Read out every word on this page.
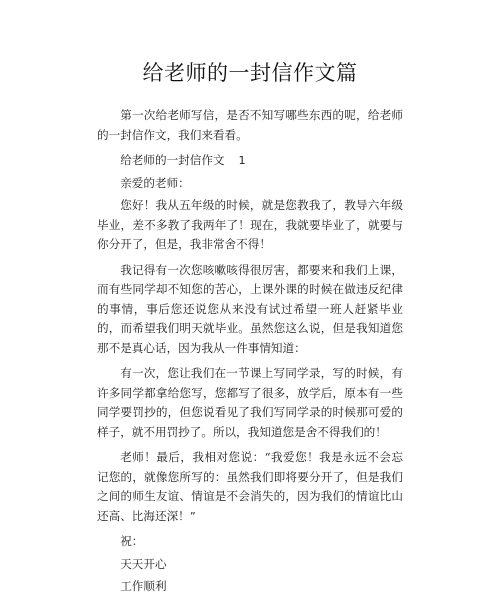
给老师的一封信作文篇

第一次给老师写信，是否不知写哪些东西的呢，给老师的一封信作文，我们来看看。

给老师的一封信作文 1

亲爱的老师：

您好！我从五年级的时候，就是您教我了，教导六年级毕业，差不多教了我两年了！现在，我就要毕业了，就要与你分开了，但是，我非常舍不得！

我记得有一次您咳嗽咳得很厉害，都要来和我们上课，而有些同学却不知您的苦心，上课外课的时候在做违反纪律的事情，事后您还说您从来没有试过希望一班人赶紧毕业的，而希望我们明天就毕业。虽然您这么说，但是我知道您那不是真心话，因为我从一件事情知道：

有一次，您让我们在一节课上写同学录，写的时候，有许多同学都拿给您写，您都写了很多，放学后，原本有一些同学要罚抄的，但您说看见了我们写同学录的时候那可爱的样子，就不用罚抄了。所以，我知道您是舍不得我们的！

老师！最后，我相对您说：“我爱您！我是永远不会忘记您的，就像您所写的：虽然我们即将要分开了，但是我们之间的师生友谊、情谊是不会消失的，因为我们的情谊比山还高、比海还深！”

祝：

天天开心

工作顺利
